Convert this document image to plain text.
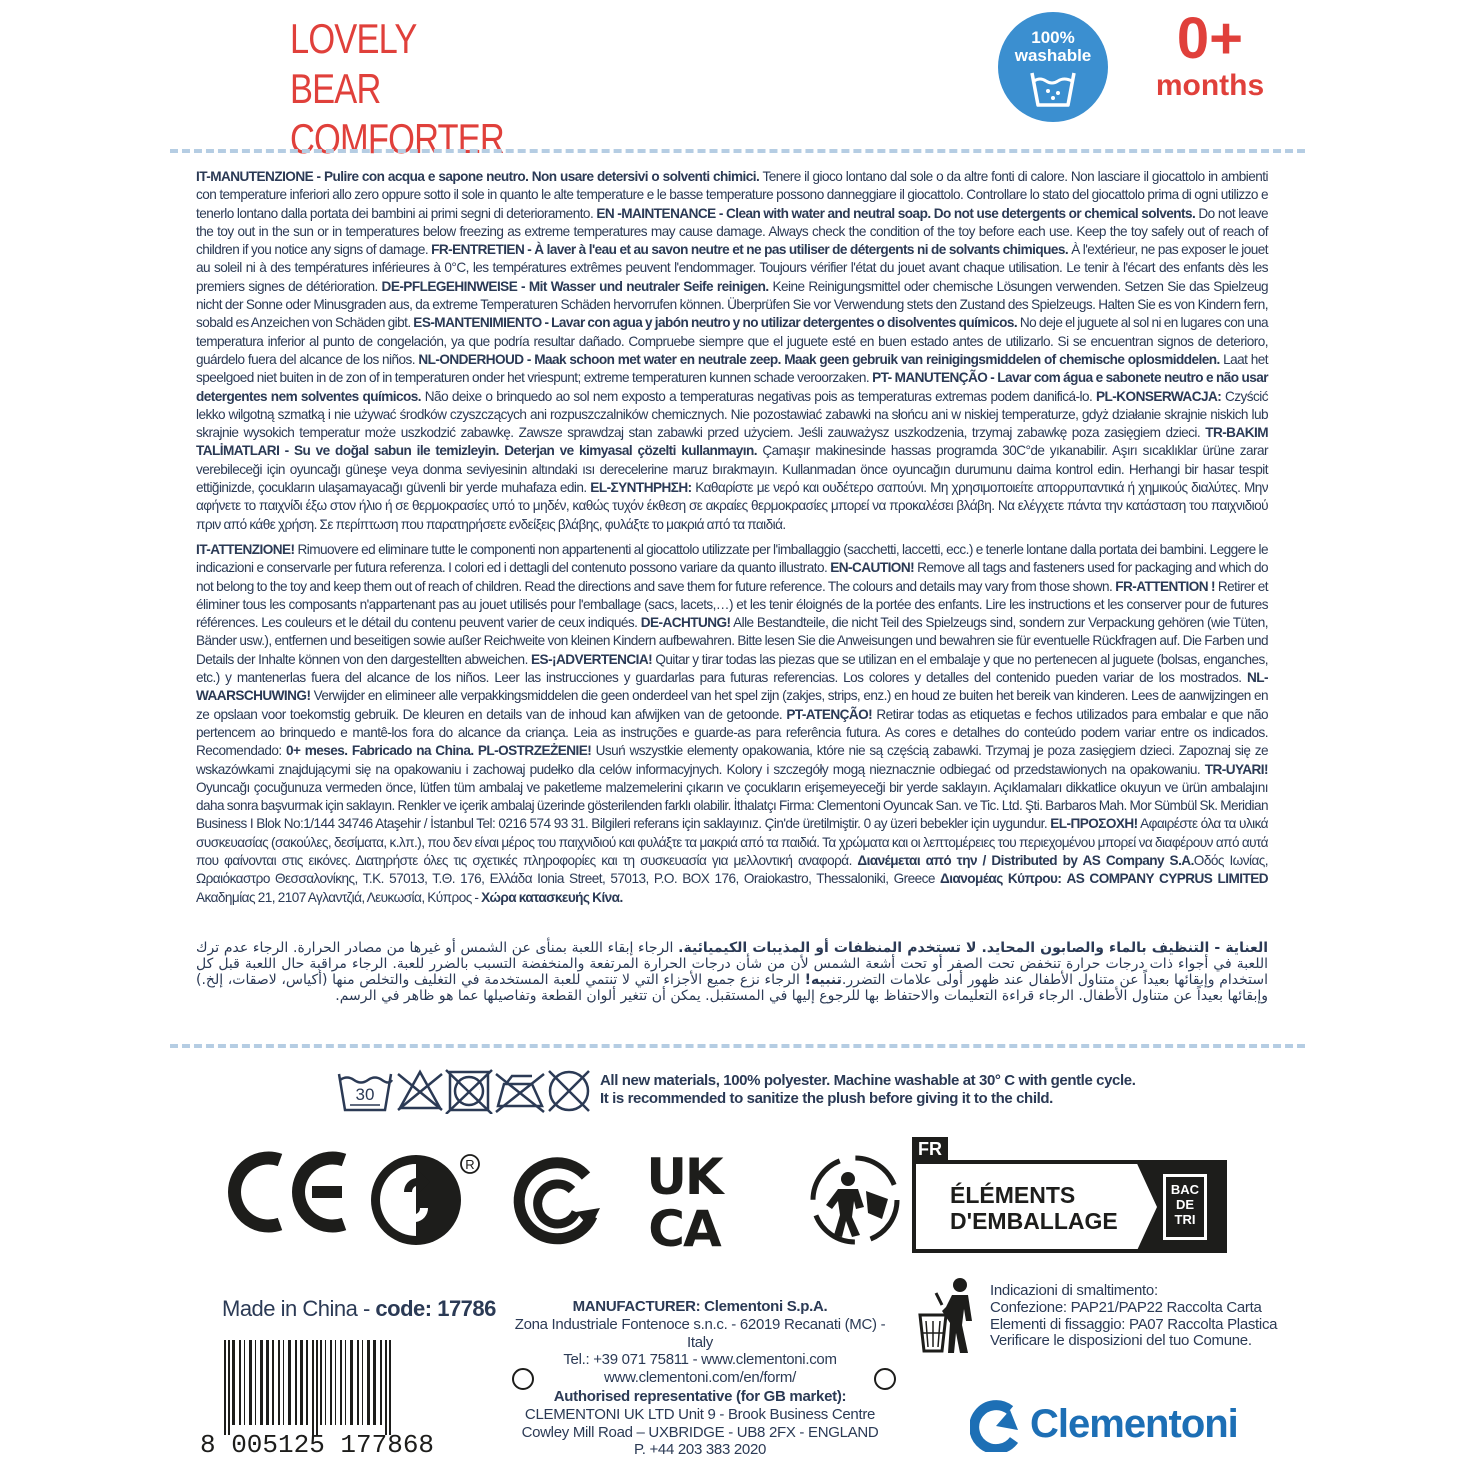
LOVELY BEAR
COMFORTER
100%
washable	0+
months
IT-MANUTENZIONE - Pulire con acqua e sapone neutro. Non usare detersivi o solventi chimici. Tenere il gioco lontano dal sole o da altre fonti di calore. Non lasciare il giocattolo in ambienti con temperature inferiori allo zero oppure sotto il sole in quanto le alte temperature e le basse temperature possono danneggiare il giocattolo. Controllare lo stato del giocattolo prima di ogni utilizzo e tenerlo lontano dalla portata dei bambini ai primi segni di deterioramento. EN -MAINTENANCE - Clean with water and neutral soap. Do not use detergents or chemical solvents. Do not leave the toy out in the sun or in temperatures below freezing as extreme temperatures may cause damage. Always check the condition of the toy before each use. Keep the toy safely out of reach of children if you notice any signs of damage. FR-ENTRETIEN - À laver à l'eau et au savon neutre et ne pas utiliser de détergents ni de solvants chimiques. À l'extérieur, ne pas exposer le jouet au soleil ni à des températures inférieures à 0°C, les températures extrêmes peuvent l'endommager. Toujours vérifier l'état du jouet avant chaque utilisation. Le tenir à l'écart des enfants dès les premiers signes de détérioration. DE-PFLEGEHINWEISE - Mit Wasser und neutraler Seife reinigen. Keine Reinigungsmittel oder chemische Lösungen verwenden. Setzen Sie das Spielzeug nicht der Sonne oder Minusgraden aus, da extreme Temperaturen Schäden hervorrufen können. Überprüfen Sie vor Verwendung stets den Zustand des Spielzeugs. Halten Sie es von Kindern fern, sobald es Anzeichen von Schäden gibt. ES-MANTENIMIENTO - Lavar con agua y jabón neutro y no utilizar detergentes o disolventes químicos. No deje el juguete al sol ni en lugares con una temperatura inferior al punto de congelación, ya que podría resultar dañado. Compruebe siempre que el juguete esté en buen estado antes de utilizarlo. Si se encuentran signos de deterioro, guárdelo fuera del alcance de los niños. NL-ONDERHOUD - Maak schoon met water en neutrale zeep. Maak geen gebruik van reinigingsmiddelen of chemische oplosmiddelen. Laat het speelgoed niet buiten in de zon of in temperaturen onder het vriespunt; extreme temperaturen kunnen schade veroorzaken. PT- MANUTENÇÃO - Lavar com água e sabonete neutro e não usar detergentes nem solventes químicos. Não deixe o brinquedo ao sol nem exposto a temperaturas negativas pois as temperaturas extremas podem danificá-lo. PL-KONSERWACJA: Czyścić lekko wilgotną szmatką i nie używać środków czyszczących ani rozpuszczalników chemicznych. Nie pozostawiać zabawki na słońcu ani w niskiej temperaturze, gdyż działanie skrajnie niskich lub skrajnie wysokich temperatur może uszkodzić zabawkę. Zawsze sprawdzaj stan zabawki przed użyciem. Jeśli zauważysz uszkodzenia, trzymaj zabawkę poza zasięgiem dzieci. TR-BAKIM TALİMATLARI - Su ve doğal sabun ile temizleyin. Deterjan ve kimyasal çözelti kullanmayın. Çamaşır makinesinde hassas programda 30C°de yıkanabilir. Aşırı sıcaklıklar ürüne zarar verebileceği için oyuncağı güneşe veya donma seviyesinin altındaki ısı derecelerine maruz bırakmayın. Kullanmadan önce oyuncağın durumunu daima kontrol edin. Herhangi bir hasar tespit ettiğinizde, çocukların ulaşamayacağı güvenli bir yerde muhafaza edin. EL-ΣΥΝΤΗΡΗΣΗ: Καθαρίστε με νερό και ουδέτερο σαπούνι. Μη χρησιμοποιείτε απορρυπαντικά ή χημικούς διαλύτες. Μην αφήνετε το παιχνίδι έξω στον ήλιο ή σε θερμοκρασίες υπό το μηδέν, καθώς τυχόν έκθεση σε ακραίες θερμοκρασίες μπορεί να προκαλέσει βλάβη. Να ελέγχετε πάντα την κατάσταση του παιχνιδιού πριν από κάθε χρήση. Σε περίπτωση που παρατηρήσετε ενδείξεις βλάβης, φυλάξτε το μακριά από τα παιδιά.
IT-ATTENZIONE! Rimuovere ed eliminare tutte le componenti non appartenenti al giocattolo utilizzate per l'imballaggio (sacchetti, laccetti, ecc.) e tenerle lontane dalla portata dei bambini. Leggere le indicazioni e conservarle per futura referenza. I colori ed i dettagli del contenuto possono variare da quanto illustrato. EN-CAUTION! Remove all tags and fasteners used for packaging and which do not belong to the toy and keep them out of reach of children. Read the directions and save them for future reference. The colours and details may vary from those shown. FR-ATTENTION ! Retirer et éliminer tous les composants n'appartenant pas au jouet utilisés pour l'emballage (sacs, lacets,…) et les tenir éloignés de la portée des enfants. Lire les instructions et les conserver pour de futures références. Les couleurs et le détail du contenu peuvent varier de ceux indiqués. DE-ACHTUNG! Alle Bestandteile, die nicht Teil des Spielzeugs sind, sondern zur Verpackung gehören (wie Tüten, Bänder usw.), entfernen und beseitigen sowie außer Reichweite von kleinen Kindern aufbewahren. Bitte lesen Sie die Anweisungen und bewahren sie für eventuelle Rückfragen auf. Die Farben und Details der Inhalte können von den dargestellten abweichen. ES-¡ADVERTENCIA! Quitar y tirar todas las piezas que se utilizan en el embalaje y que no pertenecen al juguete (bolsas, enganches, etc.) y mantenerlas fuera del alcance de los niños. Leer las instrucciones y guardarlas para futuras referencias. Los colores y detalles del contenido pueden variar de los mostrados. NL-WAARSCHUWING! Verwijder en elimineer alle verpakkingsmiddelen die geen onderdeel van het spel zijn (zakjes, strips, enz.) en houd ze buiten het bereik van kinderen. Lees de aanwijzingen en ze opslaan voor toekomstig gebruik. De kleuren en details van de inhoud kan afwijken van de getoonde. PT-ATENÇÃO! Retirar todas as etiquetas e fechos utilizados para embalar e que não pertencem ao brinquedo e mantê-los fora do alcance da criança. Leia as instruções e guarde-as para referência futura. As cores e detalhes do conteúdo podem variar entre os indicados. Recomendado: 0+ meses. Fabricado na China. PL-OSTRZEŻENIE! Usuń wszystkie elementy opakowania, które nie są częścią zabawki. Trzymaj je poza zasięgiem dzieci. Zapoznaj się ze wskazówkami znajdującymi się na opakowaniu i zachowaj pudełko dla celów informacyjnych. Kolory i szczegóły mogą nieznacznie odbiegać od przedstawionych na opakowaniu. TR-UYARI! Oyuncağı çocuğunuza vermeden önce, lütfen tüm ambalaj ve paketleme malzemelerini çıkarın ve çocukların erişemeyeceği bir yerde saklayın. Açıklamaları dikkatlice okuyun ve ürün ambalajını daha sonra başvurmak için saklayın. Renkler ve içerik ambalaj üzerinde gösterilenden farklı olabilir. İthalatçı Firma: Clementoni Oyuncak San. ve Tic. Ltd. Şti. Barbaros Mah. Mor Sümbül Sk. Meridian Business I Blok No:1/144 34746 Ataşehir / İstanbul Tel: 0216 574 93 31. Bilgileri referans için saklayınız. Çin'de üretilmiştir. 0 ay üzeri bebekler için uygundur. EL-ΠΡΟΣΟΧΗ! Αφαιρέστε όλα τα υλικά συσκευασίας (σακούλες, δεσίματα, κ.λπ.), που δεν είναι μέρος του παιχνιδιού και φυλάξτε τα μακριά από τα παιδιά. Τα χρώματα και οι λεπτομέρειες του περιεχομένου μπορεί να διαφέρουν από αυτά που φαίνονται στις εικόνες. Διατηρήστε όλες τις σχετικές πληροφορίες και τη συσκευασία για μελλοντική αναφορά. Διανέμεται από την / Distributed by AS Company S.A.Οδός Ιωνίας, Ωραιόκαστρο Θεσσαλονίκης, Τ.Κ. 57013, Τ.Θ. 176, Ελλάδα Ionia Street, 57013, P.O. BOX 176, Oraiokastro, Thessaloniki, Greece Διανομέας Κύπρου: AS COMPANY CYPRUS LIMITED Ακαδημίας 21, 2107 Αγλαντζιά, Λευκωσία, Κύπρος - Χώρα κατασκευής Κίνα.
العناية - التنظيف بالماء والصابون المحايد. لا تستخدم المنظفات أو المذيبات الكيميائية. الرجاء إبقاء اللعبة بمنأى عن الشمس أو غيرها من مصادر الحرارة. الرجاء عدم ترك اللعبة في أجواء ذات درجات حرارة تنخفض تحت الصفر أو تحت أشعة الشمس لأن من شأن درجات الحرارة المرتفعة والمنخفضة التسبب بالضرر للعبة. الرجاء مراقبة حال اللعبة قبل كل استخدام وإبقائها بعيداً عن متناول الأطفال عند ظهور أولى علامات التضرر.تنبيه! الرجاء نزع جميع الأجزاء التي لا تنتمي للعبة المستخدمة في التغليف والتخلص منها (أكياس، لاصقات، إلخ.) وإبقائها بعيداً عن متناول الأطفال. الرجاء قراءة التعليمات والاحتفاظ بها للرجوع إليها في المستقبل. يمكن أن تتغير ألوان القطعة وتفاصيلها عما هو ظاهر في الرسم.
30
All new materials, 100% polyester. Machine washable at 30° C with gentle cycle.
It is recommended to sanitize the plush before giving it to the child.
R	UK
CA
FR
ÉLÉMENTS
D'EMBALLAGE
BAC
DE
TRI
Made in China - code: 17786
8 005125 177868
MANUFACTURER: Clementoni S.p.A.
Zona Industriale Fontenoce s.n.c. - 62019 Recanati (MC) - Italy
Tel.: +39 071 75811 - www.clementoni.com
www.clementoni.com/en/form/
Authorised representative (for GB market):
CLEMENTONI UK LTD Unit 9 - Brook Business Centre
Cowley Mill Road – UXBRIDGE - UB8 2FX - ENGLAND
P. +44 203 383 2020
Indicazioni di smaltimento:
Confezione: PAP21/PAP22 Raccolta Carta
Elementi di fissaggio: PA07 Raccolta Plastica
Verificare le disposizioni del tuo Comune.
Clementoni
